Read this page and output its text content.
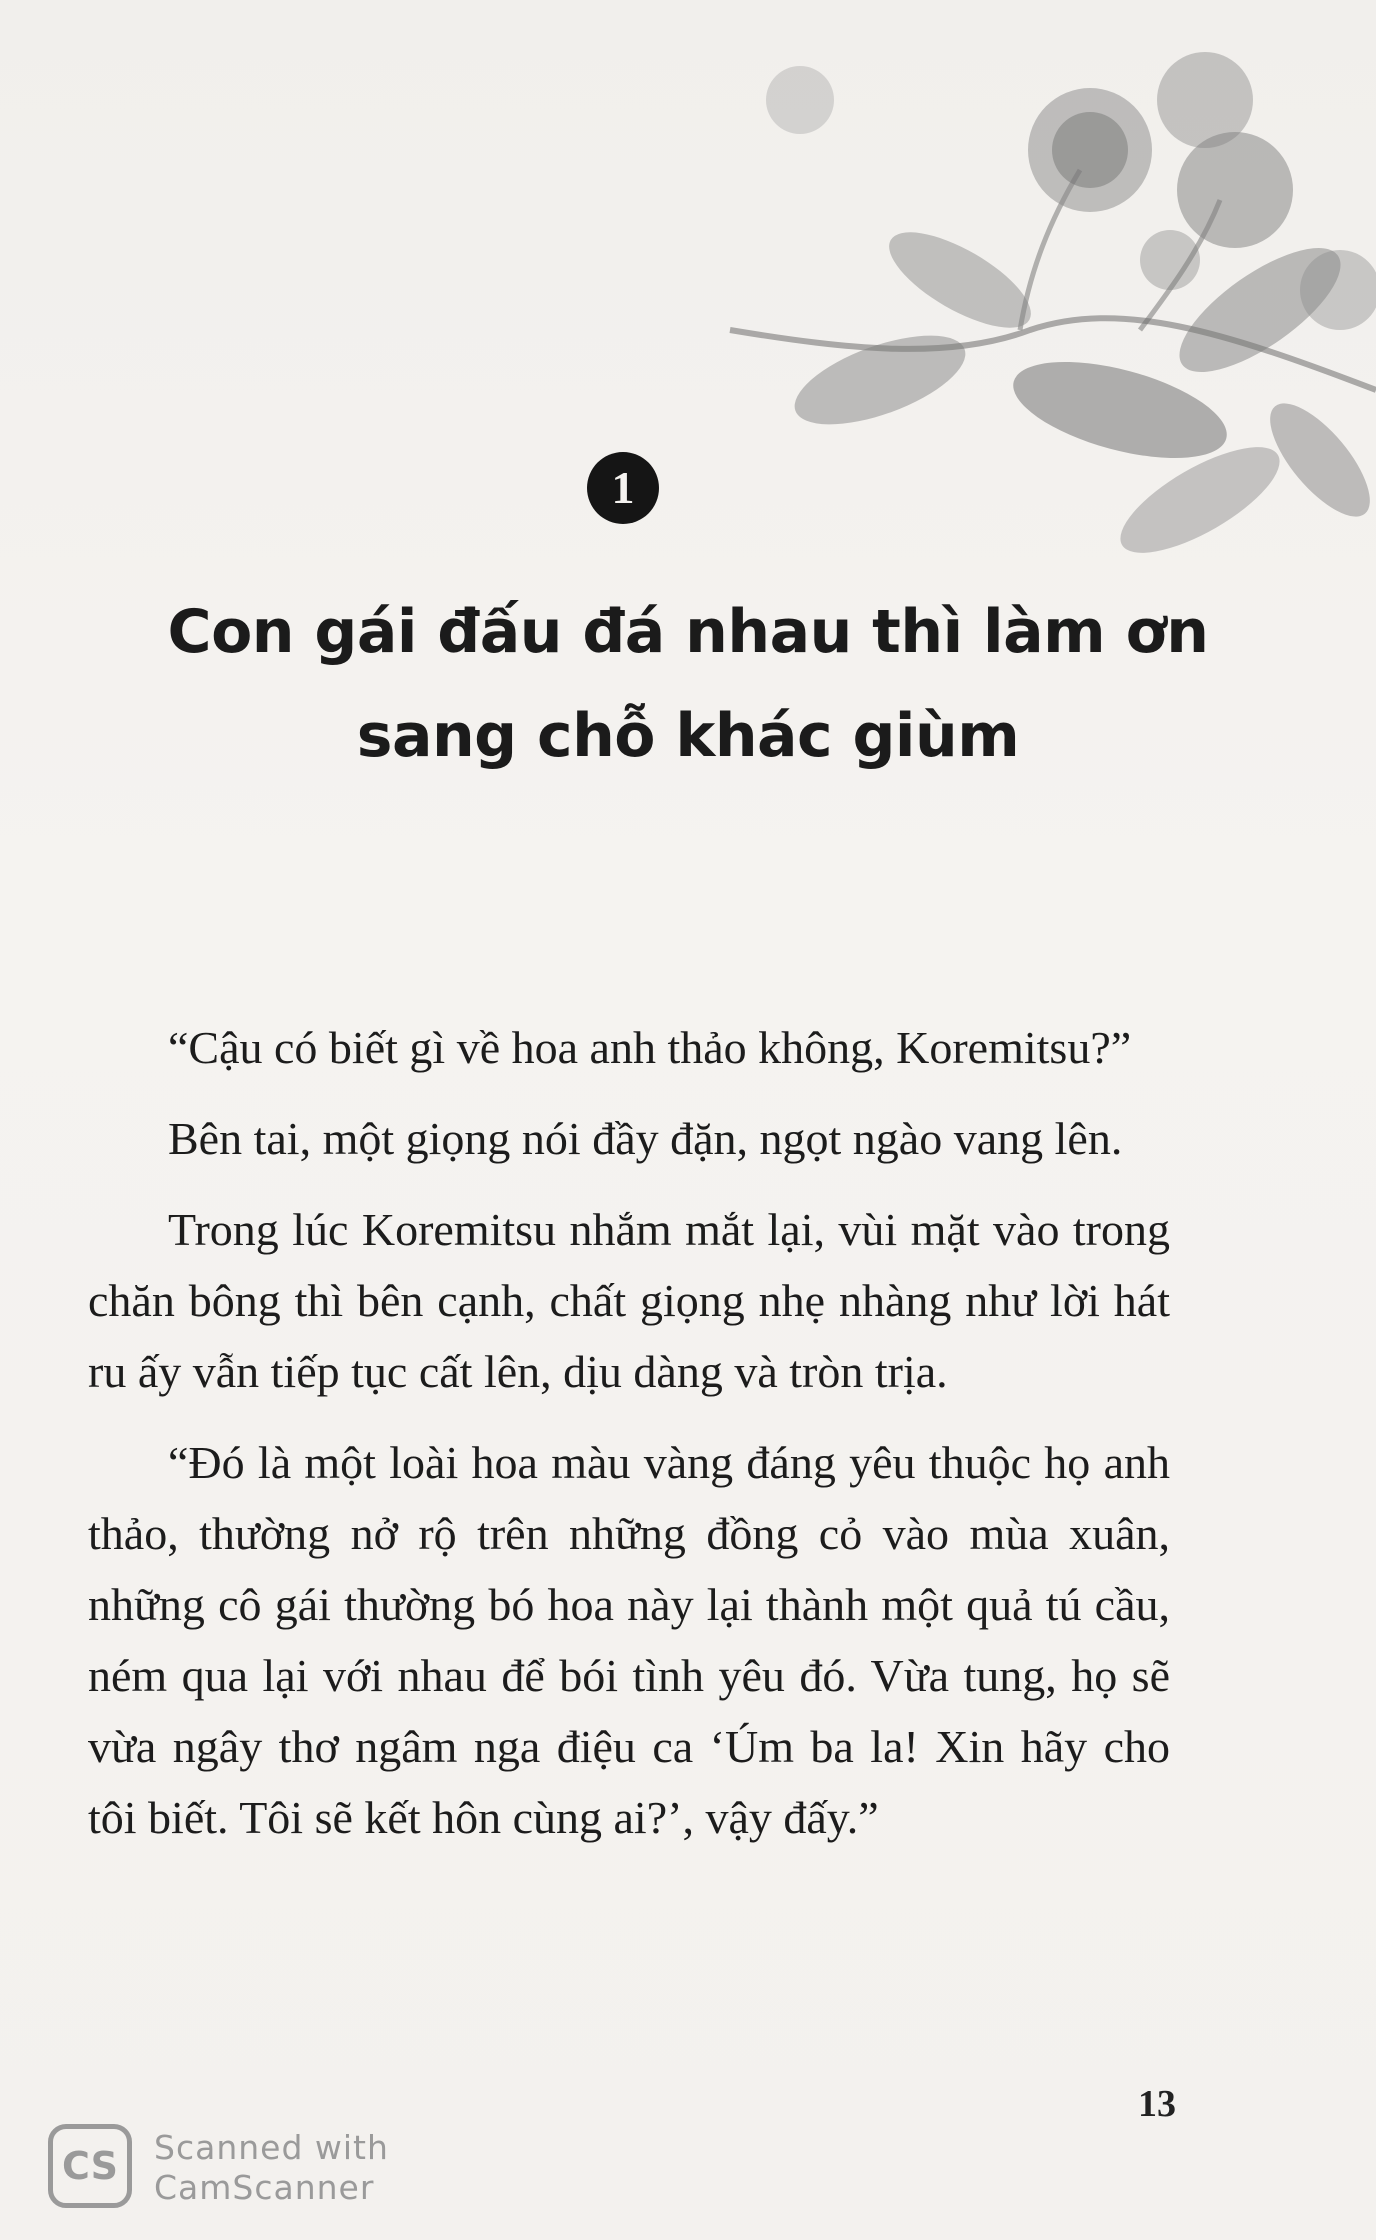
1
Con gái đấu đá nhau thì làm ơn
sang chỗ khác giùm

“Cậu có biết gì về hoa anh thảo không, Koremitsu?”

Bên tai, một giọng nói đầy đặn, ngọt ngào vang lên.

Trong lúc Koremitsu nhắm mắt lại, vùi mặt vào trong chăn bông thì bên cạnh, chất giọng nhẹ nhàng như lời hát ru ấy vẫn tiếp tục cất lên, dịu dàng và tròn trịa.

“Đó là một loài hoa màu vàng đáng yêu thuộc họ anh thảo, thường nở rộ trên những đồng cỏ vào mùa xuân, những cô gái thường bó hoa này lại thành một quả tú cầu, ném qua lại với nhau để bói tình yêu đó. Vừa tung, họ sẽ vừa ngây thơ ngâm nga điệu ca ‘Úm ba la! Xin hãy cho tôi biết. Tôi sẽ kết hôn cùng ai?’, vậy đấy.”

13
CS	Scanned with
CamScanner
